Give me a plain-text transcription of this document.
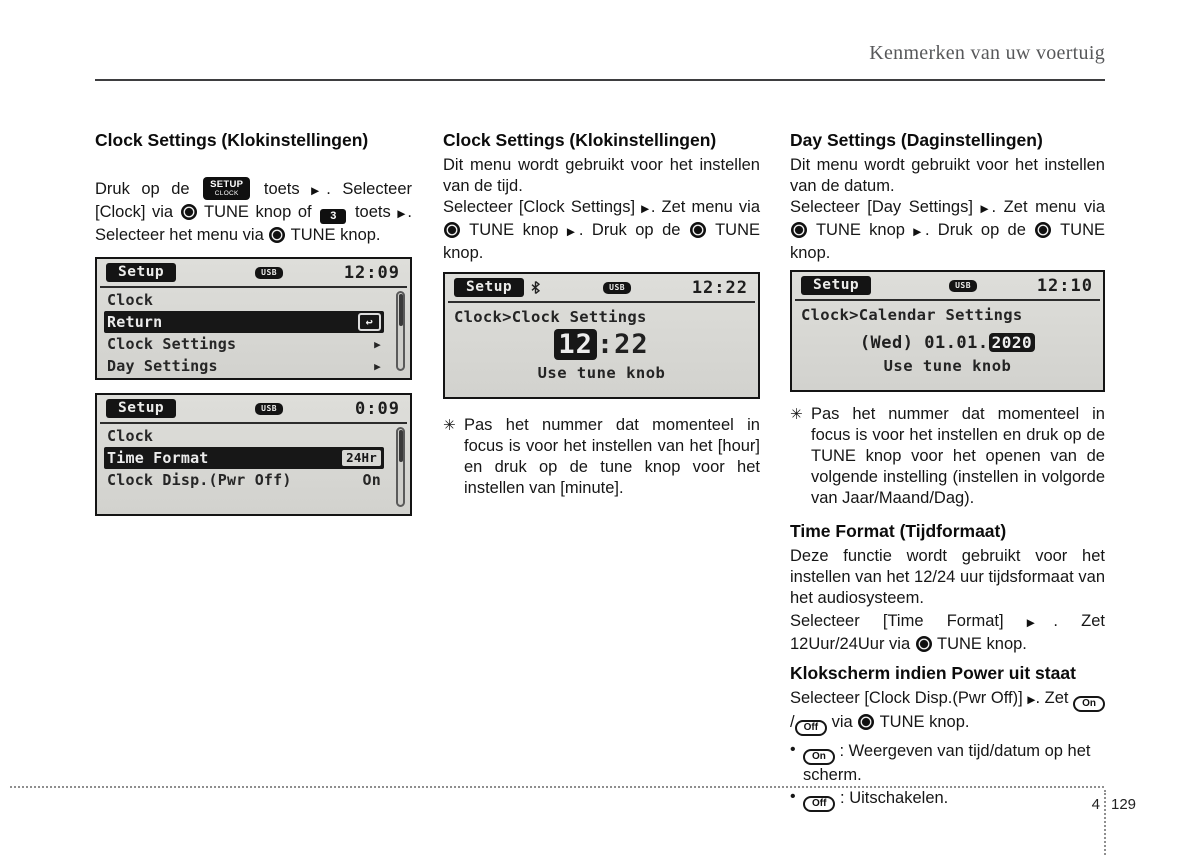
Kenmerken van uw voertuig
Clock Settings (Klokinstellingen)

Druk op de SETUP
CLOCK toets ▶. Selecteer [Clock] via  TUNE knop of 3 toets ▶. Selecteer het menu via  TUNE knop.

Setup	USB	12:09
Clock
Return	↩
Clock Settings	▶
Day Settings	▶
Setup	USB	0:09
Clock
Time Format	24Hr
Clock Disp.(Pwr Off)	On
Clock Settings (Klokinstellingen)

Dit menu wordt gebruikt voor het instellen van de tijd.

Selecteer [Clock Settings] ▶. Zet menu via  TUNE knop ▶. Druk op de  TUNE knop.

Setup	USB	12:22
Clock>Clock Settings
12 :22
Use tune knob
✳ Pas het nummer dat momenteel in focus is voor het instellen van het [hour] en druk op de tune knop voor het instellen van [minute].
Day Settings (Daginstellingen)

Dit menu wordt gebruikt voor het instellen van de datum.

Selecteer [Day Settings] ▶. Zet menu via  TUNE knop ▶. Druk op de  TUNE knop.

Setup	USB	12:10
Clock>Calendar Settings
(Wed) 01.01. 2020
Use tune knob
✳ Pas het nummer dat momenteel in focus is voor het instellen en druk op de TUNE knop voor het openen van de volgende instelling (instellen in volgorde van Jaar/Maand/Dag).
Time Format (Tijdformaat)

Deze functie wordt gebruikt voor het instellen van het 12/24 uur tijdsformaat van het audiosysteem.

Selecteer [Time Format] ▶. Zet 12Uur/24Uur via  TUNE knop.

Klokscherm indien Power uit staat

Selecteer [Clock Disp.(Pwr Off)] ▶. Zet On/ Off via  TUNE knop.

•	On : Weergeven van tijd/datum op het scherm.
•	Off : Uitschakelen.	4 129
